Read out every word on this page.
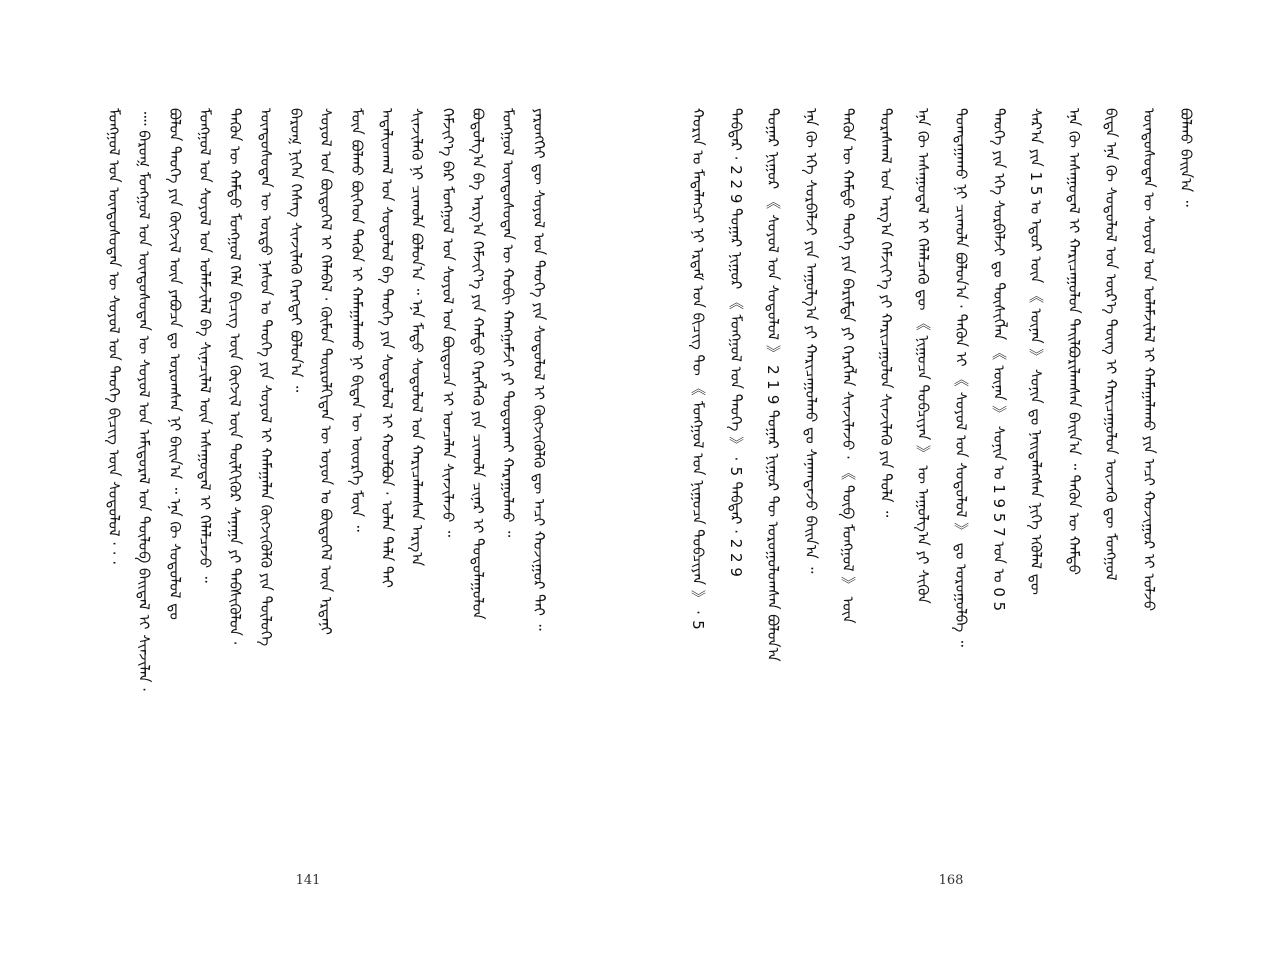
ᠮᠣᠩᠭᠣᠯ ᠤᠨ ᠦᠨᠳᠦᠰᠦᠲᠡᠨ ᠦ ᠰᠣᠶᠣᠯ ᠤᠨ ᠲᠡᠦᠬᠡ ᠪᠢᠴᠢᠭ ᠦᠨ ᠰᠤᠳᠤᠯᠤᠯ · · · ᠁ ᠪᠠᠷᠤᠭ᠍ ᠮᠣᠩᠭᠣᠯ ᠤᠨ ᠦᠨᠳᠦᠰᠦᠲᠡᠨ ᠦ ᠰᠣᠶᠣᠯ ᠤᠨ ᠠᠮᠢᠳᠤᠷᠠᠯ ᠤᠨ ᠲᠥᠯᠥᠪ ᠪᠠᠢᠳᠠᠯ ᠢ ᠰᠢᠨᠵᠢᠯᠡᠨ · ᠪᠣᠯᠤᠨ ᠲᠡᠦᠬᠡ ᠶᠢᠨ ᠬᠥᠭᠵᠢᠯ ᠦᠨ ᠶᠠᠪᠤᠴᠠ ᠳᠤ ᠣᠷᠤᠭᠰᠠᠨ ᠨᠢ ᠪᠠᠢᠨ᠎ᠠ ᠃ ᠡᠨᠡ ᠬᠦ ᠰᠤᠳᠤᠯᠤᠯ ᠳᠤ ᠮᠣᠩᠭᠣᠯ ᠤᠨ ᠰᠣᠶᠣᠯ ᠤᠨ ᠤᠯᠠᠮᠵᠢᠯᠠᠯ ᠪᠠ ᠰᠢᠨᠡᠴᠢᠯᠡᠯ ᠦᠨ ᠠᠰᠠᠭᠤᠳᠠᠯ ᠢ ᠬᠡᠯᠡᠯᠴᠡᠵᠦ ᠃ ᠲᠡᠭᠦᠨ ᠦ ᠬᠠᠮᠲᠤ ᠮᠣᠩᠭᠣᠯ ᠬᠡᠯᠡ ᠪᠢᠴᠢᠭ ᠦᠨ ᠬᠥᠭᠵᠢᠯ ᠦᠨ ᠲᠦᠯᠬᠢᠭᠦᠷ ᠰᠠᠨᠠᠭᠠ ᠶᠢ ᠳᠡᠪᠰᠢᠭᠦᠯᠦᠨ · ᠦᠨᠳᠦᠰᠦᠲᠡᠨ ᠦ ᠤᠷᠲᠤ ᠨᠠᠰᠤᠨ ᠤ ᠲᠡᠦᠬᠡ ᠶᠢᠨ ᠰᠣᠶᠣᠯ ᠢ ᠬᠠᠮᠠᠭᠠᠯᠠᠨ ᠬᠥᠭᠵᠢᠭᠦᠯᠬᠦ ᠶᠢᠨ ᠲᠥᠯᠥᠭᠡ ᠪᠠᠷᠤᠭ᠍ ᠨᠢᠭᠡᠨ ᠬᠡᠰᠡᠭ ᠰᠢᠨᠵᠢᠯᠡᠬᠦ ᠬᠡᠷᠡᠭᠲᠡᠢ ᠪᠣᠯᠤᠨ᠎ᠠ ᠃ ᠰᠣᠶᠣᠯ ᠤᠨ ᠪᠦᠲᠦᠭᠡᠯ ᠢ ᠬᠡᠯᠡᠪᠡᠯ · ᠬᠦᠮᠦᠨ ᠲᠥᠷᠥᠯᠬᠢᠲᠡᠨ ᠦ ᠣᠶᠤᠨ ᠤ ᠪᠦᠲᠦᠭᠡᠯ ᠦᠨ ᠡᠷᠳᠡᠨᠢ ᠮᠥᠨ ᠪᠣᠯᠬᠤ ᠪᠥᠭᠡᠳ ᠲᠡᠭᠦᠨ ᠢ ᠬᠠᠮᠠᠭᠠᠯᠠᠬᠤ ᠨᠢ ᠪᠢᠳᠡᠨ ᠦ ᠦᠦᠷᠭᠡ ᠮᠥᠨ ᠃ ᠠᠳᠠᠯᠢᠳᠬᠠᠯ ᠤᠨ ᠰᠤᠳᠤᠯᠤᠯ ᠪᠠ ᠲᠡᠦᠬᠡ ᠶᠢᠨ ᠰᠤᠳᠤᠯᠤᠯ ᠢ ᠬᠣᠤᠯᠪᠣᠨ · ᠣᠯᠠᠨ ᠲᠠᠯᠠ ᠲᠠᠢ ᠰᠢᠨᠵᠢᠯᠡᠬᠦ ᠨᠢ ᠴᠢᠬᠤᠯᠠ ᠪᠣᠯᠤᠨ᠎ᠠ ᠃ ᠡᠨᠡ ᠮᠡᠲᠦ ᠰᠤᠳᠤᠯᠤᠯ ᠤᠨ ᠬᠠᠷᠢᠴᠠᠯᠠᠭᠰᠠᠨ ᠠᠷᠭ᠎ᠠ ᠬᠡᠮᠵᠢᠶ᠎ᠡ ᠪᠡᠷ ᠮᠣᠩᠭᠣᠯ ᠤᠨ ᠰᠣᠶᠣᠯ ᠤᠨ ᠪᠦᠲᠦᠴᠡ ᠢ ᠣᠨᠴᠠᠯᠠᠨ ᠰᠢᠨᠵᠢᠯᠡᠵᠦ ᠃ ᠪᠣᠳᠤᠯᠭ᠎ᠠ ᠪᠠ ᠠᠷᠭ᠎ᠠ ᠬᠡᠮᠵᠢᠶ᠎ᠡ ᠶᠢᠨ ᠬᠠᠮᠲᠤ ᠬᠡᠷᠡᠭᠯᠡᠬᠦ ᠶᠢᠨ ᠴᠢᠬᠤᠯᠠ ᠴᠢᠨᠠᠷ ᠢ ᠲᠣᠳᠣᠯᠠᠭᠤᠯᠤᠨ ᠮᠣᠩᠭᠣᠯ ᠦᠨᠳᠦᠰᠦᠲᠡᠨ ᠦ ᠬᠤᠪᠢ ᠬᠠᠩᠭᠠᠮᠵᠢ ᠶᠢ ᠲᠣᠳᠣᠷᠬᠠᠢ ᠬᠠᠷᠠᠭᠤᠯᠬᠤ ᠃ ᠶᠡᠷᠦᠩᠬᠡᠢ ᠳᠦ ᠰᠣᠶᠣᠯ ᠤᠨ ᠲᠡᠦᠬᠡ ᠶᠢᠨ ᠰᠤᠳᠤᠯᠤᠯ ᠢ ᠬᠥᠭᠵᠢᠭᠦᠯᠬᠦ ᠳᠦ ᠠᠴᠢ ᠬᠤᠵᠢᠭᠤᠷ ᠲᠠᠢ ᠃
141
ᠬᠣᠷᠢᠨ ᠤ ᠮᠡᠳᠡᠯᠡᠭᠴᠢ ᠨᠢ ᠡᠷᠳᠡᠮ ᠤᠨ ᠪᠢᠴᠢᠭ ᠲᠦ 《 ᠮᠣᠩᠭᠣᠯ ᠤᠨ ᠨᠢᠭᠤᠴᠠ ᠲᠣᠪᠴᠢᠶᠠᠨ 》 · 5	ᠳᠡᠪᠲᠡᠷ · 2 2 9 ᠳᠤᠭᠠᠷ ᠨᠢᠭᠤᠷ 《 ᠮᠣᠩᠭᠣᠯ ᠤᠨ ᠲᠡᠦᠬᠡ 》 · 5 ᠳᠡᠪᠲᠡᠷ · 2 2 9	ᠳᠤᠭᠠᠷ ᠨᠢᠭᠤᠷ 《 ᠰᠣᠶᠣᠯ ᠤᠨ ᠰᠤᠳᠤᠯᠤᠯ 》 2 1 9 ᠳᠤᠭᠠᠷ ᠨᠢᠭᠤᠷ ᠲᠦ ᠣᠷᠤᠭᠤᠯᠤᠭᠰᠠᠨ ᠪᠣᠯᠤᠨ᠎ᠠ	ᠡᠨᠡ ᠬᠦ ᠡᠬᠡ ᠰᠤᠷᠪᠠᠯᠵᠢ ᠶᠢᠨ ᠠᠭᠤᠯᠭ᠎ᠠ ᠶᠢ ᠬᠠᠷᠢᠴᠠᠭᠤᠯᠬᠤ ᠳᠤ ᠰᠠᠨᠠᠭᠳᠠᠵᠤ ᠪᠠᠢᠨ᠎ᠠ ᠃	ᠲᠡᠭᠦᠨ ᠦ ᠬᠠᠮᠲᠤ ᠲᠡᠦᠬᠡ ᠶᠢᠨ ᠪᠠᠷᠢᠮᠲᠠ ᠶᠢ ᠬᠡᠷᠡᠭᠯᠡᠨ ᠰᠢᠨᠵᠢᠯᠡᠵᠦ · 《 ᠲᠦᠪ ᠮᠣᠩᠭᠣᠯ 》 ᠦᠨ	ᠳᠤᠷᠠᠰᠬᠠᠯ ᠤᠨ ᠠᠷᠭ᠎ᠠ ᠬᠡᠮᠵᠢᠶ᠎ᠡ ᠶᠢ ᠬᠠᠷᠢᠴᠠᠭᠤᠯᠤᠨ ᠰᠢᠨᠵᠢᠯᠡᠬᠦ ᠶᠢᠨ ᠲᠣᠯᠠ ᠃	ᠡᠨᠡ ᠬᠦ ᠠᠰᠠᠭᠤᠳᠠᠯ ᠢ ᠬᠡᠯᠡᠯᠴᠡᠬᠦ ᠳᠦ 《 ᠨᠢᠭᠤᠴᠠ ᠲᠣᠪᠴᠢᠶᠠᠨ 》 ᠦ ᠠᠭᠤᠯᠭ᠎ᠠ ᠶᠢ ᠰᠢᠭᠦᠨ	ᠲᠣᠭᠲᠠᠭᠠᠬᠤ ᠨᠢ ᠴᠢᠬᠤᠯᠠ ᠪᠣᠯᠤᠨ᠎ᠠ · ᠲᠡᠭᠦᠨ ᠢ 《 ᠰᠣᠶᠣᠯ ᠤᠨ ᠰᠤᠳᠤᠯᠤᠯ 》 ᠳᠤ ᠣᠷᠤᠭᠤᠯᠪᠠ ᠃	ᠲᠡᠦᠬᠡ ᠶᠢᠨ ᠡᠬᠡ ᠰᠤᠷᠪᠠᠯᠵᠢ ᠳᠤ ᠲᠦᠰᠢᠭᠯᠡᠨ 《 ᠦᠨᠡᠨ 》 ᠰᠣᠨᠢᠨ ᠤ 1 9 5 7 ᠣᠨ ᠤ 0 5	ᠰᠠᠷ᠎ᠠ ᠶᠢᠨ 1 5 ᠤ ᠡᠳᠦᠷ ᠦᠨ 《 ᠦᠨᠡᠨ 》 ᠰᠣᠨᠢᠨ ᠳᠤ ᠨᠡᠢᠲᠡᠯᠡᠭᠰᠡᠨ ᠨᠢᠭᠡ ᠡᠭᠦᠯᠡᠯ ᠳᠦ	ᠡᠨᠡ ᠬᠦ ᠠᠰᠠᠭᠤᠳᠠᠯ ᠢ ᠬᠠᠷᠢᠴᠠᠭᠤᠯᠤᠨ ᠲᠠᠢᠯᠪᠤᠷᠢᠯᠠᠭᠰᠠᠨ ᠪᠠᠢᠨ᠎ᠠ ᠃ ᠲᠡᠭᠦᠨ ᠦ ᠬᠠᠮᠲᠤ	ᠪᠢᠳᠡ ᠡᠨᠡ ᠬᠦ ᠰᠤᠳᠤᠯᠤᠯ ᠤᠨ ᠦᠷ᠎ᠡ ᠳᠦᠩ ᠢ ᠬᠠᠷᠢᠴᠠᠭᠤᠯᠤᠨ ᠦᠵᠡᠬᠦ ᠳᠦ ᠮᠣᠩᠭᠣᠯ	ᠦᠨᠳᠦᠰᠦᠲᠡᠨ ᠦ ᠰᠣᠶᠣᠯ ᠤᠨ ᠤᠯᠠᠮᠵᠢᠯᠠᠯ ᠢ ᠬᠠᠮᠠᠭᠠᠯᠠᠬᠤ ᠶᠢᠨ ᠠᠴᠢ ᠬᠤᠵᠢᠭᠤᠷ ᠢ ᠣᠯᠵᠤ	ᠪᠣᠯᠬᠤ ᠪᠠᠢᠨ᠎ᠠ ᠃
168
